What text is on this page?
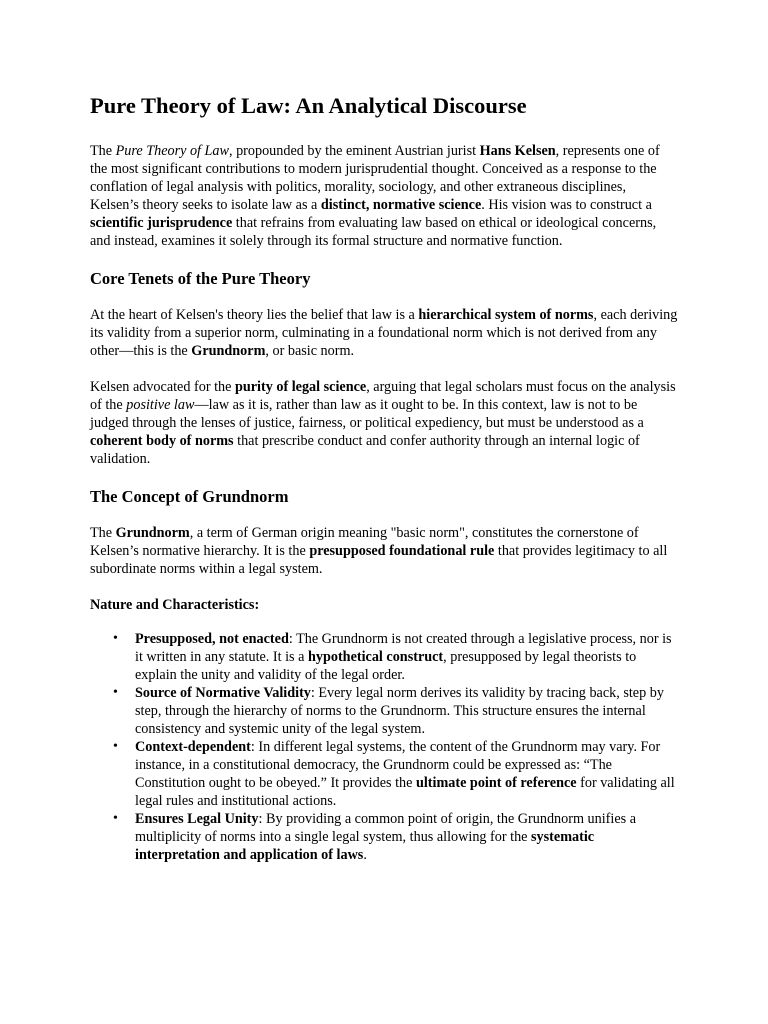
Pure Theory of Law: An Analytical Discourse

The Pure Theory of Law, propounded by the eminent Austrian jurist Hans Kelsen, represents one of the most significant contributions to modern jurisprudential thought. Conceived as a response to the conflation of legal analysis with politics, morality, sociology, and other extraneous disciplines, Kelsen’s theory seeks to isolate law as a distinct, normative science. His vision was to construct a scientific jurisprudence that refrains from evaluating law based on ethical or ideological concerns, and instead, examines it solely through its formal structure and normative function.

Core Tenets of the Pure Theory

At the heart of Kelsen's theory lies the belief that law is a hierarchical system of norms, each deriving its validity from a superior norm, culminating in a foundational norm which is not derived from any other—this is the Grundnorm, or basic norm.

Kelsen advocated for the purity of legal science, arguing that legal scholars must focus on the analysis of the positive law—law as it is, rather than law as it ought to be. In this context, law is not to be judged through the lenses of justice, fairness, or political expediency, but must be understood as a coherent body of norms that prescribe conduct and confer authority through an internal logic of validation.

The Concept of Grundnorm

The Grundnorm, a term of German origin meaning "basic norm", constitutes the cornerstone of Kelsen’s normative hierarchy. It is the presupposed foundational rule that provides legitimacy to all subordinate norms within a legal system.

Nature and Characteristics:

• Presupposed, not enacted: The Grundnorm is not created through a legislative process, nor is it written in any statute. It is a hypothetical construct, presupposed by legal theorists to explain the unity and validity of the legal order.
• Source of Normative Validity: Every legal norm derives its validity by tracing back, step by step, through the hierarchy of norms to the Grundnorm. This structure ensures the internal consistency and systemic unity of the legal system.
• Context-dependent: In different legal systems, the content of the Grundnorm may vary. For instance, in a constitutional democracy, the Grundnorm could be expressed as: “The Constitution ought to be obeyed.” It provides the ultimate point of reference for validating all legal rules and institutional actions.
• Ensures Legal Unity: By providing a common point of origin, the Grundnorm unifies a multiplicity of norms into a single legal system, thus allowing for the systematic interpretation and application of laws.
